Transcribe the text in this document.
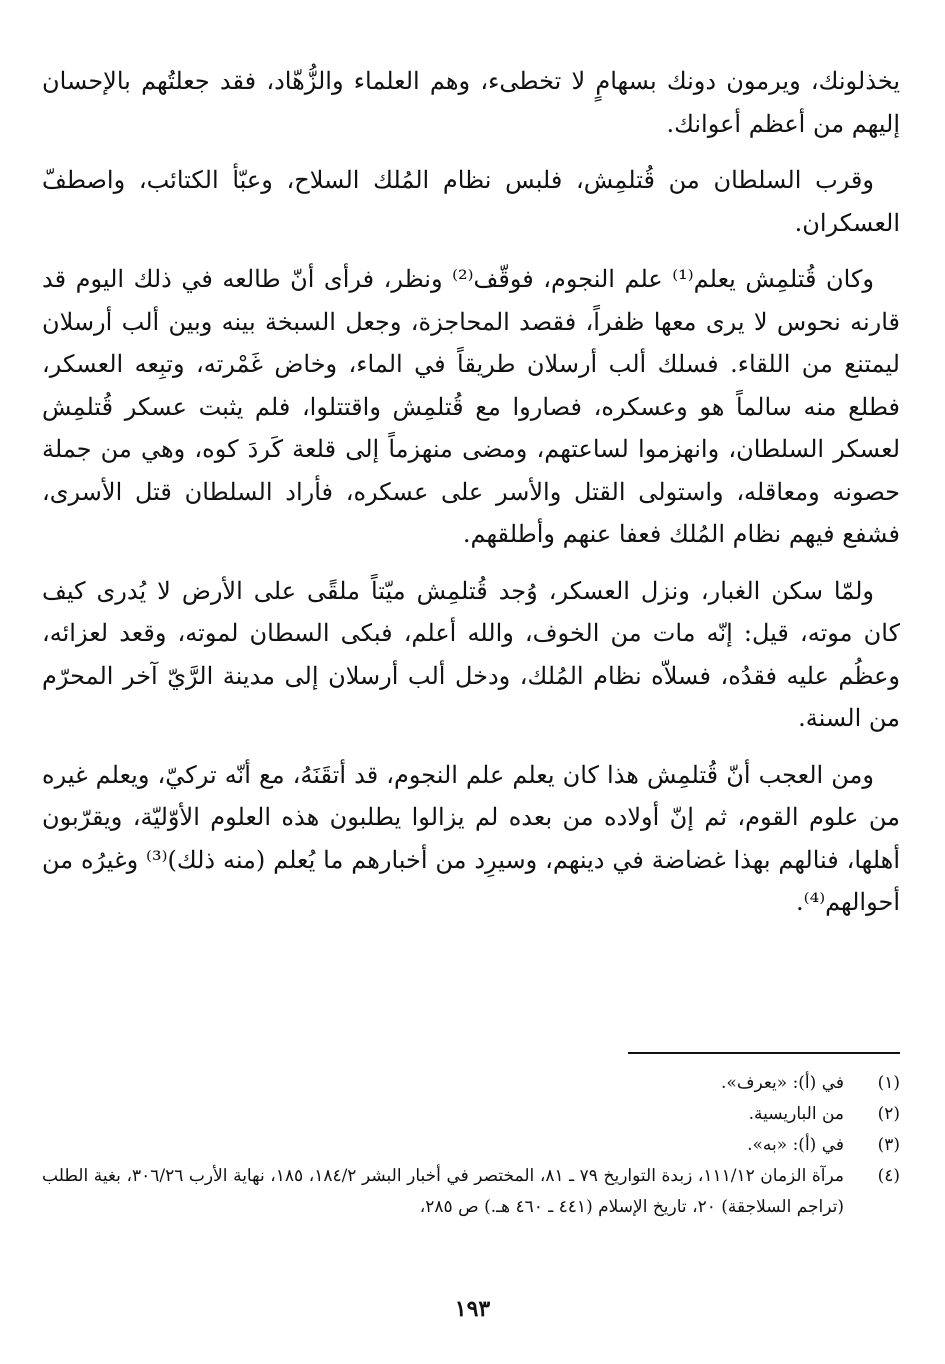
يخذلونك، ويرمون دونك بسهامٍ لا تخطىء، وهم العلماء والزُّهّاد، فقد جعلتُهم بالإحسان إليهم من أعظم أعوانك.

وقرب السلطان من قُتلمِش، فلبس نظام المُلك السلاح، وعبّأ الكتائب، واصطفّ العسكران.

وكان قُتلمِش يعلم⁽¹⁾ علم النجوم، فوقّف⁽²⁾ ونظر، فرأى أنّ طالعه في ذلك اليوم قد قارنه نحوس لا يرى معها ظفراً، فقصد المحاجزة، وجعل السبخة بينه وبين ألب أرسلان ليمتنع من اللقاء. فسلك ألب أرسلان طريقاً في الماء، وخاض غَمْرته، وتبِعه العسكر، فطلع منه سالماً هو وعسكره، فصاروا مع قُتلمِش واقتتلوا، فلم يثبت عسكر قُتلمِش لعسكر السلطان، وانهزموا لساعتهم، ومضى منهزماً إلى قلعة كَردَ كوه، وهي من جملة حصونه ومعاقله، واستولى القتل والأسر على عسكره، فأراد السلطان قتل الأسرى، فشفع فيهم نظام المُلك فعفا عنهم وأطلقهم.

ولمّا سكن الغبار، ونزل العسكر، وُجد قُتلمِش ميّتاً ملقًى على الأرض لا يُدرى كيف كان موته، قيل: إنّه مات من الخوف، والله أعلم، فبكى السطان لموته، وقعد لعزائه، وعظُم عليه فقدُه، فسلاّه نظام المُلك، ودخل ألب أرسلان إلى مدينة الرَّيّ آخر المحرّم من السنة.

ومن العجب أنّ قُتلمِش هذا كان يعلم علم النجوم، قد أتقَنَهُ، مع أنّه تركيّ، ويعلم غيره من علوم القوم، ثم إنّ أولاده من بعده لم يزالوا يطلبون هذه العلوم الأوّليّة، ويقرّبون أهلها، فنالهم بهذا غضاضة في دينهم، وسيرِد من أخبارهم ما يُعلم (منه ذلك)⁽³⁾ وغيرُه من أحوالهم⁽⁴⁾.

(١)
في (أ): «يعرف».
(٢)
من الباريسية.
(٣)
في (أ): «به».
(٤)
مرآة الزمان ١١١/١٢، زبدة التواريخ ٧٩ ـ ٨١، المختصر في أخبار البشر ١٨٤/٢، ١٨٥، نهاية الأرب ٣٠٦/٢٦، بغية الطلب (تراجم السلاجقة) ٢٠، تاريخ الإسلام (٤٤١ ـ ٤٦٠ هـ.) ص ٢٨٥،
١٩٣
